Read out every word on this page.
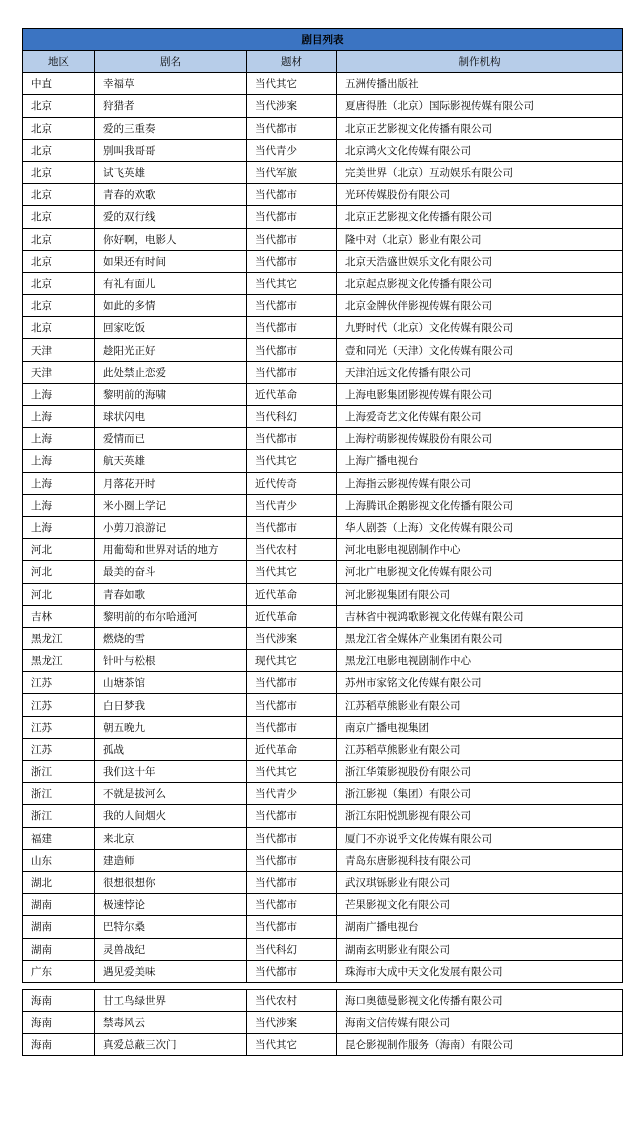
剧目列表			
地区	剧名	题材	制作机构
中直	幸福草	当代其它	五洲传播出版社
北京	狩猎者	当代涉案	夏唐得胜（北京）国际影视传媒有限公司
北京	爱的三重奏	当代都市	北京正艺影视文化传播有限公司
北京	别叫我哥哥	当代青少	北京鸿火文化传媒有限公司
北京	试飞英雄	当代军旅	完美世界（北京）互动娱乐有限公司
北京	青春的欢歌	当代都市	光环传媒股份有限公司
北京	爱的双行线	当代都市	北京正艺影视文化传播有限公司
北京	你好啊，电影人	当代都市	隆中对（北京）影业有限公司
北京	如果还有时间	当代都市	北京天浩盛世娱乐文化有限公司
北京	有礼有面儿	当代其它	北京起点影视文化传播有限公司
北京	如此的多情	当代都市	北京金牌伙伴影视传媒有限公司
北京	回家吃饭	当代都市	九野时代（北京）文化传媒有限公司
天津	趁阳光正好	当代都市	壹和同光（天津）文化传媒有限公司
天津	此处禁止恋爱	当代都市	天津泊远文化传播有限公司
上海	黎明前的海啸	近代革命	上海电影集团影视传媒有限公司
上海	球状闪电	当代科幻	上海爱奇艺文化传媒有限公司
上海	爱情而已	当代都市	上海柠萌影视传媒股份有限公司
上海	航天英雄	当代其它	上海广播电视台
上海	月落花开时	近代传奇	上海指云影视传媒有限公司
上海	米小圈上学记	当代青少	上海腾讯企鹅影视文化传播有限公司
上海	小剪刀浪游记	当代都市	华人剧荟（上海）文化传媒有限公司
河北	用葡萄和世界对话的地方	当代农村	河北电影电视剧制作中心
河北	最美的奋斗	当代其它	河北广电影视文化传媒有限公司
河北	青春如歌	近代革命	河北影视集团有限公司
吉林	黎明前的布尔哈通河	近代革命	吉林省中视鸿歌影视文化传媒有限公司
黑龙江	燃烧的雪	当代涉案	黑龙江省全媒体产业集团有限公司
黑龙江	针叶与松根	现代其它	黑龙江电影电视剧制作中心
江苏	山塘茶馆	当代都市	苏州市家铭文化传媒有限公司
江苏	白日梦我	当代都市	江苏稻草熊影业有限公司
江苏	朝五晚九	当代都市	南京广播电视集团
江苏	孤战	近代革命	江苏稻草熊影业有限公司
浙江	我们这十年	当代其它	浙江华策影视股份有限公司
浙江	不就是拔河么	当代青少	浙江影视（集团）有限公司
浙江	我的人间烟火	当代都市	浙江东阳悦凯影视有限公司
福建	来北京	当代都市	厦门不亦说乎文化传媒有限公司
山东	建造师	当代都市	青岛东唐影视科技有限公司
湖北	很想很想你	当代都市	武汉琪铄影业有限公司
湖南	极速悖论	当代都市	芒果影视文化有限公司
湖南	巴特尔桑	当代都市	湖南广播电视台
湖南	灵兽战纪	当代科幻	湖南玄明影业有限公司
广东	遇见爱美味	当代都市	珠海市大成中天文化发展有限公司
海南	甘工鸟绿世界	当代农村	海口奥德曼影视文化传播有限公司
海南	禁毒风云	当代涉案	海南文信传媒有限公司
海南	真爱总蔽三次门	当代其它	昆仑影视制作服务（海南）有限公司
